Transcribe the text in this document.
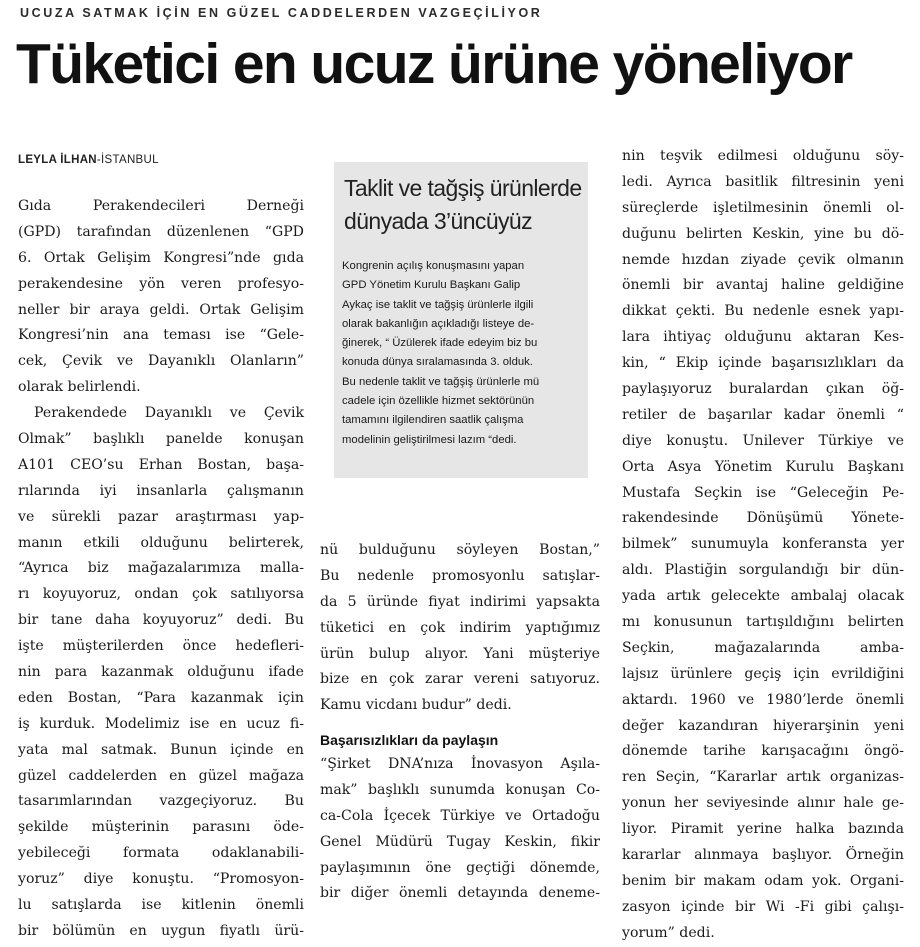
UCUZA SATMAK İÇİN EN GÜZEL CADDELERDEN VAZGEÇİLİYOR
Tüketici en ucuz ürüne yöneliyor
LEYLA İLHAN-İSTANBUL
Gıda Perakendecileri Derneği
(GPD) tarafından düzenlenen “GPD
6. Ortak Gelişim Kongresi”nde gıda
perakendesine yön veren profesyo-
neller bir araya geldi. Ortak Gelişim
Kongresi’nin ana teması ise “Gele-
cek, Çevik ve Dayanıklı Olanların”
olarak belirlendi.
Perakendede Dayanıklı ve Çevik
Olmak” başlıklı panelde konuşan
A101 CEO’su Erhan Bostan, başa-
rılarında iyi insanlarla çalışmanın
ve sürekli pazar araştırması yap-
manın etkili olduğunu belirterek,
“Ayrıca biz mağazalarımıza malla-
rı koyuyoruz, ondan çok satılıyorsa
bir tane daha koyuyoruz” dedi. Bu
işte müşterilerden önce hedefleri-
nin para kazanmak olduğunu ifade
eden Bostan, “Para kazanmak için
iş kurduk. Modelimiz ise en ucuz fi-
yata mal satmak. Bunun içinde en
güzel caddelerden en güzel mağaza
tasarımlarından vazgeçiyoruz. Bu
şekilde müşterinin parasını öde-
yebileceği formata odaklanabili-
yoruz” diye konuştu. “Promosyon-
lu satışlarda ise kitlenin önemli
bir bölümün en uygun fiyatlı ürü-
Taklit ve tağşiş ürünlerde
dünyada 3’üncüyüz
Kongrenin açılış konuşmasını yapan
GPD Yönetim Kurulu Başkanı Galip
Aykaç ise taklit ve tağşiş ürünlerle ilgili
olarak bakanlığın açıkladığı listeye de-
ğinerek, “ Üzülerek ifade edeyim biz bu
konuda dünya sıralamasında 3. olduk.
Bu nedenle taklit ve tağşiş ürünlerle mü
cadele için özellikle hizmet sektörünün
tamamını ilgilendiren saatlik çalışma
modelinin geliştirilmesi lazım “dedi.
nü bulduğunu söyleyen Bostan,”
Bu nedenle promosyonlu satışlar-
da 5 üründe fiyat indirimi yapsakta
tüketici en çok indirim yaptığımız
ürün bulup alıyor. Yani müşteriye
bize en çok zarar vereni satıyoruz.
Kamu vicdanı budur” dedi.
Başarısızlıkları da paylaşın
“Şirket DNA’nıza İnovasyon Aşıla-
mak” başlıklı sunumda konuşan Co-
ca-Cola İçecek Türkiye ve Ortadoğu
Genel Müdürü Tugay Keskin, fikir
paylaşımının öne geçtiği dönemde,
bir diğer önemli detayında deneme-
nin teşvik edilmesi olduğunu söy-
ledi. Ayrıca basitlik filtresinin yeni
süreçlerde işletilmesinin önemli ol-
duğunu belirten Keskin, yine bu dö-
nemde hızdan ziyade çevik olmanın
önemli bir avantaj haline geldiğine
dikkat çekti. Bu nedenle esnek yapı-
lara ihtiyaç olduğunu aktaran Kes-
kin, “ Ekip içinde başarısızlıkları da
paylaşıyoruz buralardan çıkan öğ-
retiler de başarılar kadar önemli “
diye konuştu. Unilever Türkiye ve
Orta Asya Yönetim Kurulu Başkanı
Mustafa Seçkin ise “Geleceğin Pe-
rakendesinde Dönüşümü Yönete-
bilmek” sunumuyla konferansta yer
aldı. Plastiğin sorgulandığı bir dün-
yada artık gelecekte ambalaj olacak
mı konusunun tartışıldığını belirten
Seçkin, mağazalarında amba-
lajsız ürünlere geçiş için evrildiğini
aktardı. 1960 ve 1980’lerde önemli
değer kazandıran hiyerarşinin yeni
dönemde tarihe karışacağını öngö-
ren Seçin, “Kararlar artık organizas-
yonun her seviyesinde alınır hale ge-
liyor. Piramit yerine halka bazında
kararlar alınmaya başlıyor. Örneğin
benim bir makam odam yok. Organi-
zasyon içinde bir Wi -Fi gibi çalışı-
yorum” dedi.
